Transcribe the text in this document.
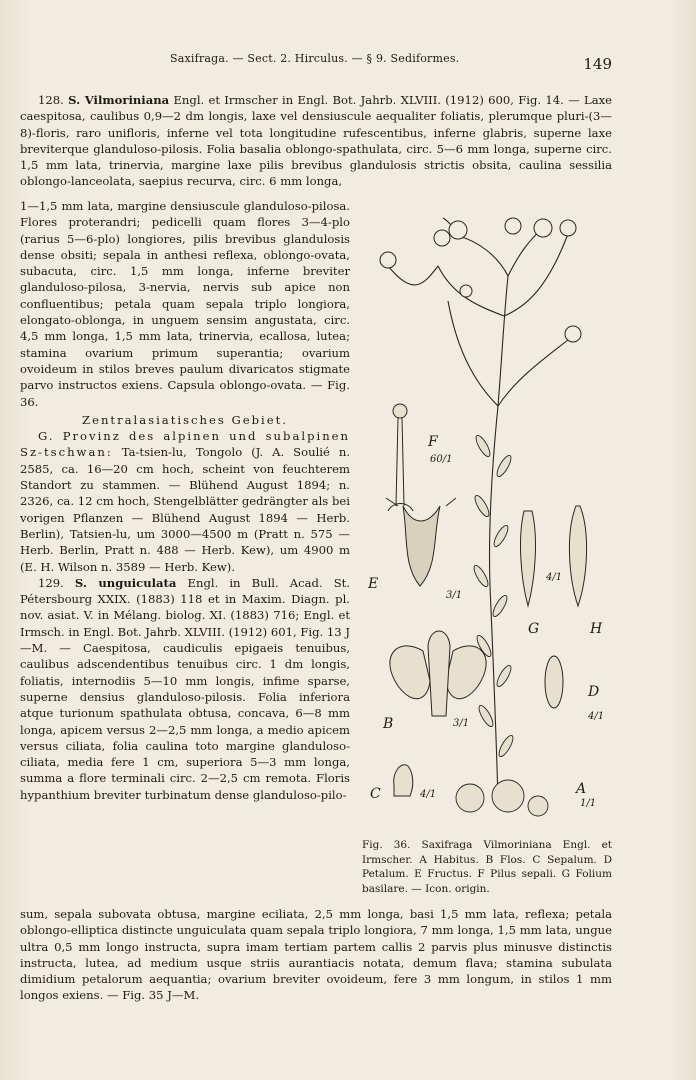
Saxifraga. — Sect. 2. Hirculus. — § 9. Sediformes.	149

128. S. Vilmoriniana Engl. et Irmscher in Engl. Bot. Jahrb. XLVIII. (1912) 600, Fig. 14. — Laxe caespitosa, caulibus 0,9—2 dm longis, laxe vel densiuscule aequaliter foliatis, plerumque pluri-(3—8)-floris, raro unifloris, inferne vel tota longitudine rufescentibus, inferne glabris, superne laxe breviterque glanduloso-pilosis. Folia basalia oblongo-spathulata, circ. 5—6 mm longa, superne circ. 1,5 mm lata, trinervia, margine laxe pilis brevibus glandulosis strictis obsita, caulina sessilia oblongo-lanceolata, saepius recurva, circ. 6 mm longa,

1—1,5 mm lata, margine densiuscule glanduloso-pilosa. Flores proterandri; pedicelli quam flores 3—4-plo (rarius 5—6-plo) longiores, pilis brevibus glandulosis dense obsiti; sepala in anthesi reflexa, oblongo-ovata, subacuta, circ. 1,5 mm longa, inferne breviter glanduloso-pilosa, 3-nervia, nervis sub apice non confluentibus; petala quam sepala triplo longiora, elongato-oblonga, in unguem sensim angustata, circ. 4,5 mm longa, 1,5 mm lata, trinervia, ecallosa, lutea; stamina ovarium primum superantia; ovarium ovoideum in stilos breves paulum divaricatos stigmate parvo instructos exiens. Capsula oblongo-ovata. — Fig. 36.

Zentralasiatisches Gebiet.

G. Provinz des alpinen und subalpinen Sz-tschwan: Ta-tsien-lu, Tongolo (J. A. Soulié n. 2585, ca. 16—20 cm hoch, scheint von feuchterem Standort zu stammen. — Blühend August 1894; n. 2326, ca. 12 cm hoch, Stengelblätter gedrängter als bei vorigen Pflanzen — Blühend August 1894 — Herb. Berlin), Tatsien-lu, um 3000—4500 m (Pratt n. 575 — Herb. Berlin, Pratt n. 488 — Herb. Kew), um 4900 m (E. H. Wilson n. 3589 — Herb. Kew).

129. S. unguiculata Engl. in Bull. Acad. St. Pétersbourg XXIX. (1883) 118 et in Maxim. Diagn. pl. nov. asiat. V. in Mélang. biolog. XI. (1883) 716; Engl. et Irmsch. in Engl. Bot. Jahrb. XLVIII. (1912) 601, Fig. 13 J—M. — Caespitosa, caudiculis epigaeis tenuibus, caulibus adscendentibus tenuibus circ. 1 dm longis, foliatis, internodiis 5—10 mm longis, infime sparse, superne densius glanduloso-pilosis. Folia inferiora atque turionum spathulata obtusa, concava, 6—8 mm longa, apicem versus 2—2,5 mm longa, a medio apicem versus ciliata, folia caulina toto margine glanduloso-ciliata, media fere 1 cm, superiora 5—3 mm longa, summa a flore terminali circ. 2—2,5 cm remota. Floris hypanthium breviter turbinatum dense glanduloso-pilo-

F
60/1
E
3/1
G
4/1
H
B	3/1
D
4/1
C	4/1	A
1/1
Fig. 36. Saxifraga Vilmoriniana Engl. et Irmscher. A Habitus. B Flos. C Sepalum. D Petalum. E Fructus. F Pilus sepali. G Folium basilare. — Icon. origin.
sum, sepala subovata obtusa, margine eciliata, 2,5 mm longa, basi 1,5 mm lata, reflexa; petala oblongo-elliptica distincte unguiculata quam sepala triplo longiora, 7 mm longa, 1,5 mm lata, ungue ultra 0,5 mm longo instructa, supra imam tertiam partem callis 2 parvis plus minusve distinctis instructa, lutea, ad medium usque striis aurantiacis notata, demum flava; stamina subulata dimidium petalorum aequantia; ovarium breviter ovoideum, fere 3 mm longum, in stilos 1 mm longos exiens. — Fig. 35 J—M.
